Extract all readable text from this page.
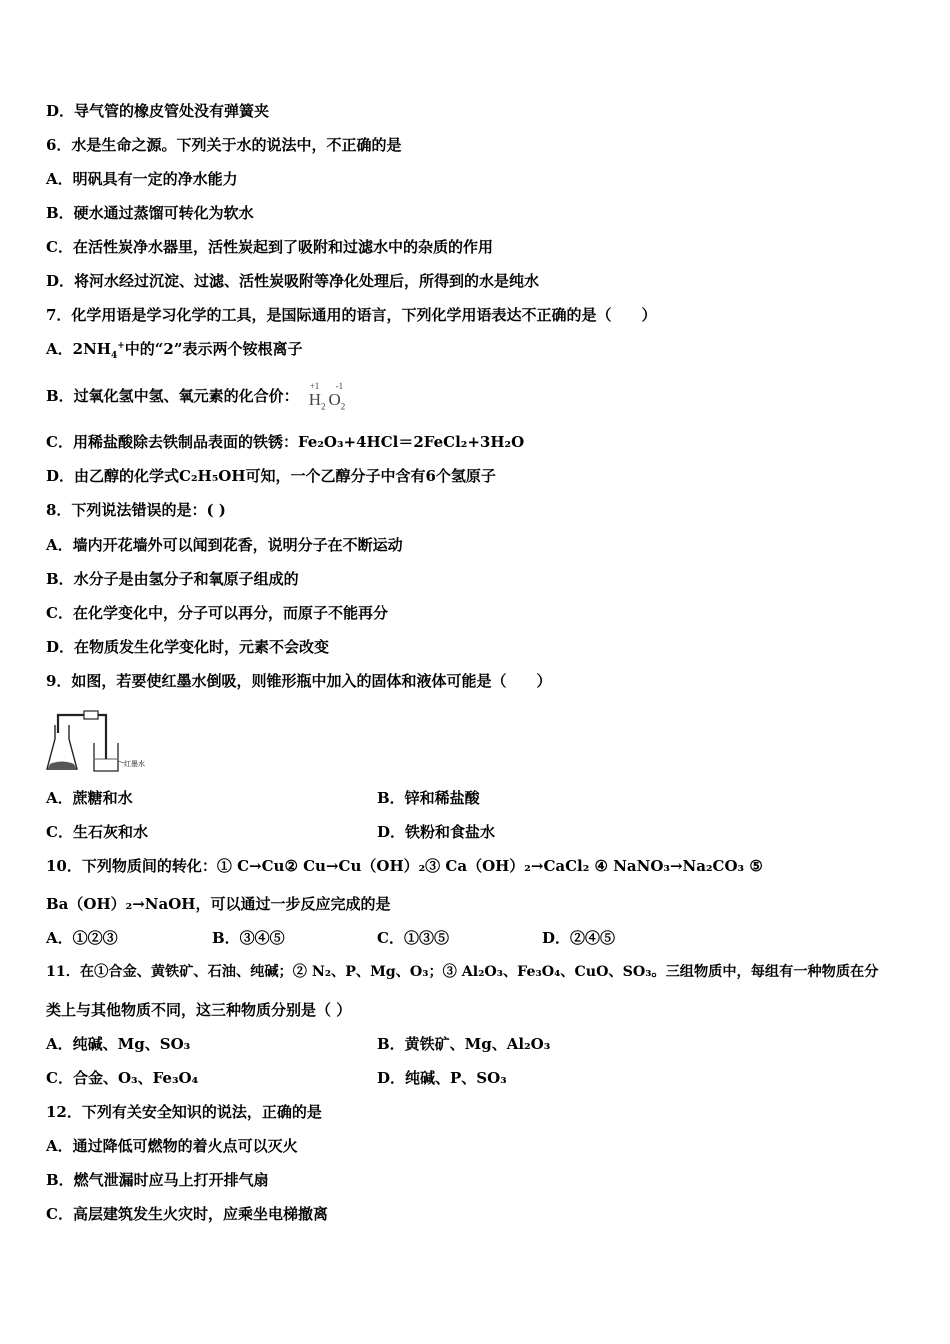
D．导气管的橡皮管处没有弹簧夹
6．水是生命之源。下列关于水的说法中，不正确的是
A．明矾具有一定的净水能力
B．硬水通过蒸馏可转化为软水
C．在活性炭净水器里，活性炭起到了吸附和过滤水中的杂质的作用
D．将河水经过沉淀、过滤、活性炭吸附等净化处理后，所得到的水是纯水
7．化学用语是学习化学的工具，是国际通用的语言，下列化学用语表达不正确的是（　　）
A．$2NH_4^+$中的“2”表示两个铵根离子
B．过氧化氢中氢、氧元素的化合价：
+1
$H_2$
-1
$O_2$
C．用稀盐酸除去铁制品表面的铁锈：Fe₂O₃+4HCl＝2FeCl₂+3H₂O
D．由乙醇的化学式C₂H₅OH可知，一个乙醇分子中含有6个氢原子
8．下列说法错误的是：( )
A．墙内开花墙外可以闻到花香，说明分子在不断运动
B．水分子是由氢分子和氧原子组成的
C．在化学变化中，分子可以再分，而原子不能再分
D．在物质发生化学变化时，元素不会改变
9．如图，若要使红墨水倒吸，则锥形瓶中加入的固体和液体可能是（　　）
红墨水
A．蔗糖和水	B．锌和稀盐酸
C．生石灰和水	D．铁粉和食盐水
10．下列物质间的转化：① C→Cu② Cu→Cu（OH）₂③ Ca（OH）₂→CaCl₂ ④ NaNO₃→Na₂CO₃ ⑤
Ba（OH）₂→NaOH，可以通过一步反应完成的是
A．①②③	B．③④⑤	C．①③⑤	D．②④⑤
11．在①合金、黄铁矿、石油、纯碱；② N₂、P、Mg、O₃；③ Al₂O₃、Fe₃O₄、CuO、SO₃。三组物质中，每组有一种物质在分
类上与其他物质不同，这三种物质分别是（ ）
A．纯碱、Mg、SO₃	B．黄铁矿、Mg、Al₂O₃
C．合金、O₃、Fe₃O₄	D．纯碱、P、SO₃
12．下列有关安全知识的说法，正确的是
A．通过降低可燃物的着火点可以灭火
B．燃气泄漏时应马上打开排气扇
C．高层建筑发生火灾时，应乘坐电梯撤离
